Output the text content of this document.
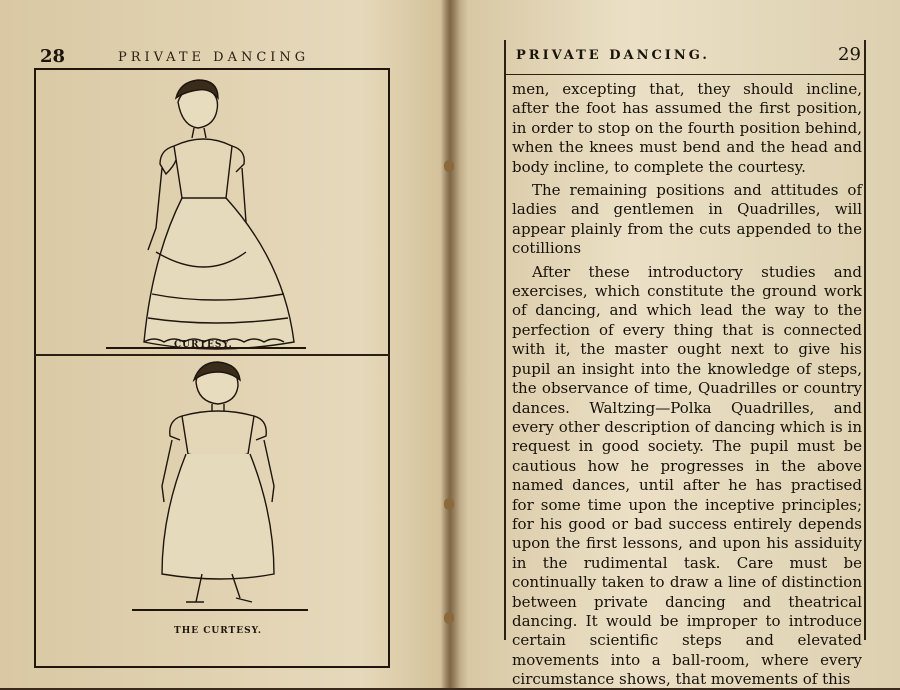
28	PRIVATE DANCING
CURTESY.
THE CURTESY.
PRIVATE DANCING.	29

men, excepting that, they should incline, after the foot has assumed the first position, in order to stop on the fourth position behind, when the knees must bend and the head and body incline, to complete the courtesy.

The remaining positions and attitudes of ladies and gentlemen in Quadrilles, will appear plainly from the cuts appended to the cotillions

After these introductory studies and exercises, which constitute the ground work of dancing, and which lead the way to the perfection of every thing that is connected with it, the master ought next to give his pupil an insight into the knowledge of steps, the observance of time, Quadrilles or country dances. Waltzing—Polka Quadrilles, and every other description of dancing which is in request in good society. The pupil must be cautious how he progresses in the above named dances, until after he has practised for some time upon the inceptive principles; for his good or bad success entirely depends upon the first lessons, and upon his assiduity in the rudimental task. Care must be continually taken to draw a line of distinction between private dancing and theatrical dancing. It would be improper to introduce certain scientific steps and elevated movements into a ball-room, where every circumstance shows, that movements of this
